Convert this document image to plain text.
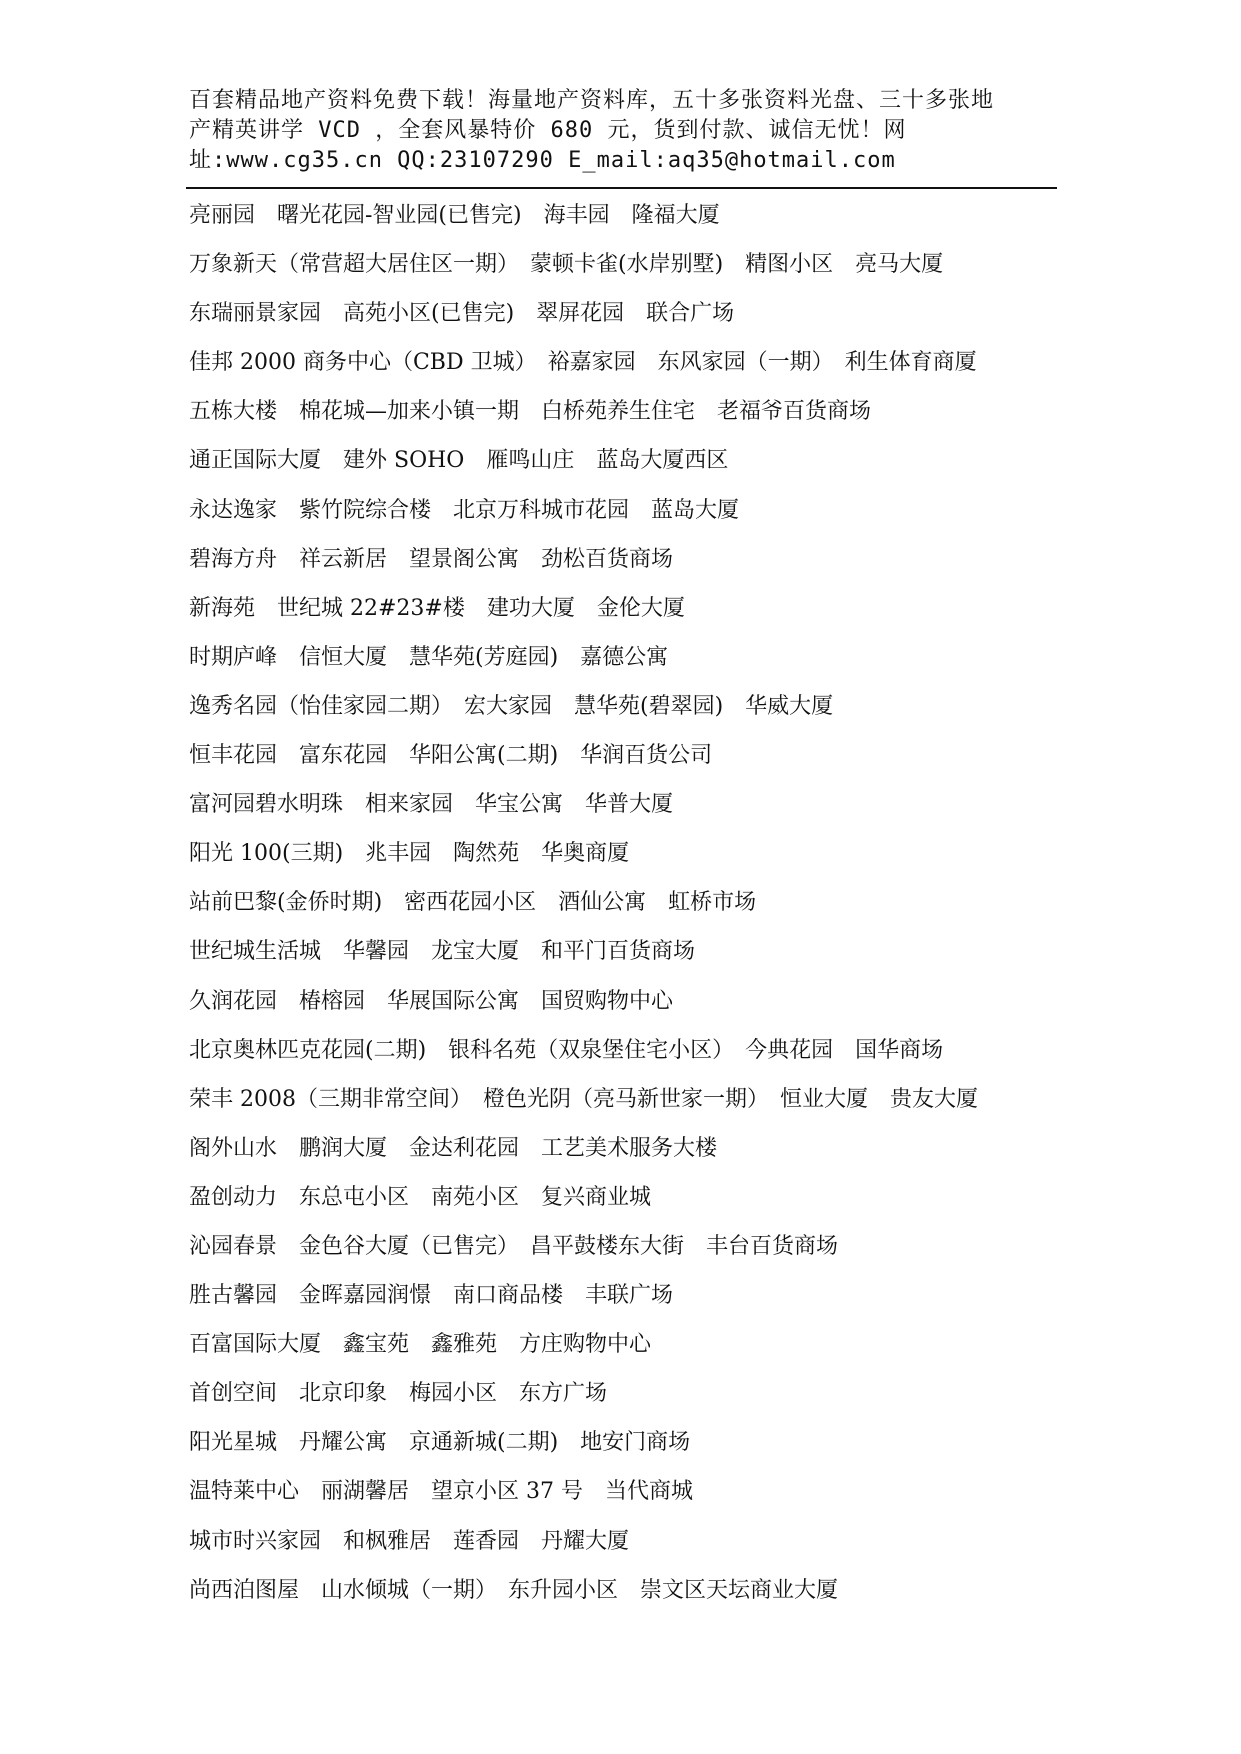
百套精品地产资料免费下载！海量地产资料库，五十多张资料光盘、三十多张地
产精英讲学 VCD ，全套风暴特价 680 元，货到付款、诚信无忧！网
址:www.cg35.cn QQ:23107290 E_mail:aq35@hotmail.com
亮丽园　曙光花园-智业园(已售完)　海丰园　隆福大厦
万象新天（常营超大居住区一期）　蒙顿卡雀(水岸别墅)　精图小区　亮马大厦
东瑞丽景家园　高苑小区(已售完)　翠屏花园　联合广场
佳邦 2000 商务中心（CBD 卫城）　裕嘉家园　东风家园（一期）　利生体育商厦
五栋大楼　棉花城—加来小镇一期　白桥苑养生住宅　老福爷百货商场
通正国际大厦　建外 SOHO　雁鸣山庄　蓝岛大厦西区
永达逸家　紫竹院综合楼　北京万科城市花园　蓝岛大厦
碧海方舟　祥云新居　望景阁公寓　劲松百货商场
新海苑　世纪城 22#23#楼　建功大厦　金伦大厦
时期庐峰　信恒大厦　慧华苑(芳庭园)　嘉德公寓
逸秀名园（怡佳家园二期）　宏大家园　慧华苑(碧翠园)　华威大厦
恒丰花园　富东花园　华阳公寓(二期)　华润百货公司
富河园碧水明珠　相来家园　华宝公寓　华普大厦
阳光 100(三期)　兆丰园　陶然苑　华奥商厦
站前巴黎(金侨时期)　密西花园小区　酒仙公寓　虹桥市场
世纪城生活城　华馨园　龙宝大厦　和平门百货商场
久润花园　椿榕园　华展国际公寓　国贸购物中心
北京奥林匹克花园(二期)　银科名苑（双泉堡住宅小区）　今典花园　国华商场
荣丰 2008（三期非常空间）　橙色光阴（亮马新世家一期）　恒业大厦　贵友大厦
阁外山水　鹏润大厦　金达利花园　工艺美术服务大楼
盈创动力　东总屯小区　南苑小区　复兴商业城
沁园春景　金色谷大厦（已售完）　昌平鼓楼东大街　丰台百货商场
胜古馨园　金晖嘉园润憬　南口商品楼　丰联广场
百富国际大厦　鑫宝苑　鑫雅苑　方庄购物中心
首创空间　北京印象　梅园小区　东方广场
阳光星城　丹耀公寓　京通新城(二期)　地安门商场
温特莱中心　丽湖馨居　望京小区 37 号　当代商城
城市时兴家园　和枫雅居　莲香园　丹耀大厦
尚西泊图屋　山水倾城（一期）　东升园小区　崇文区天坛商业大厦
